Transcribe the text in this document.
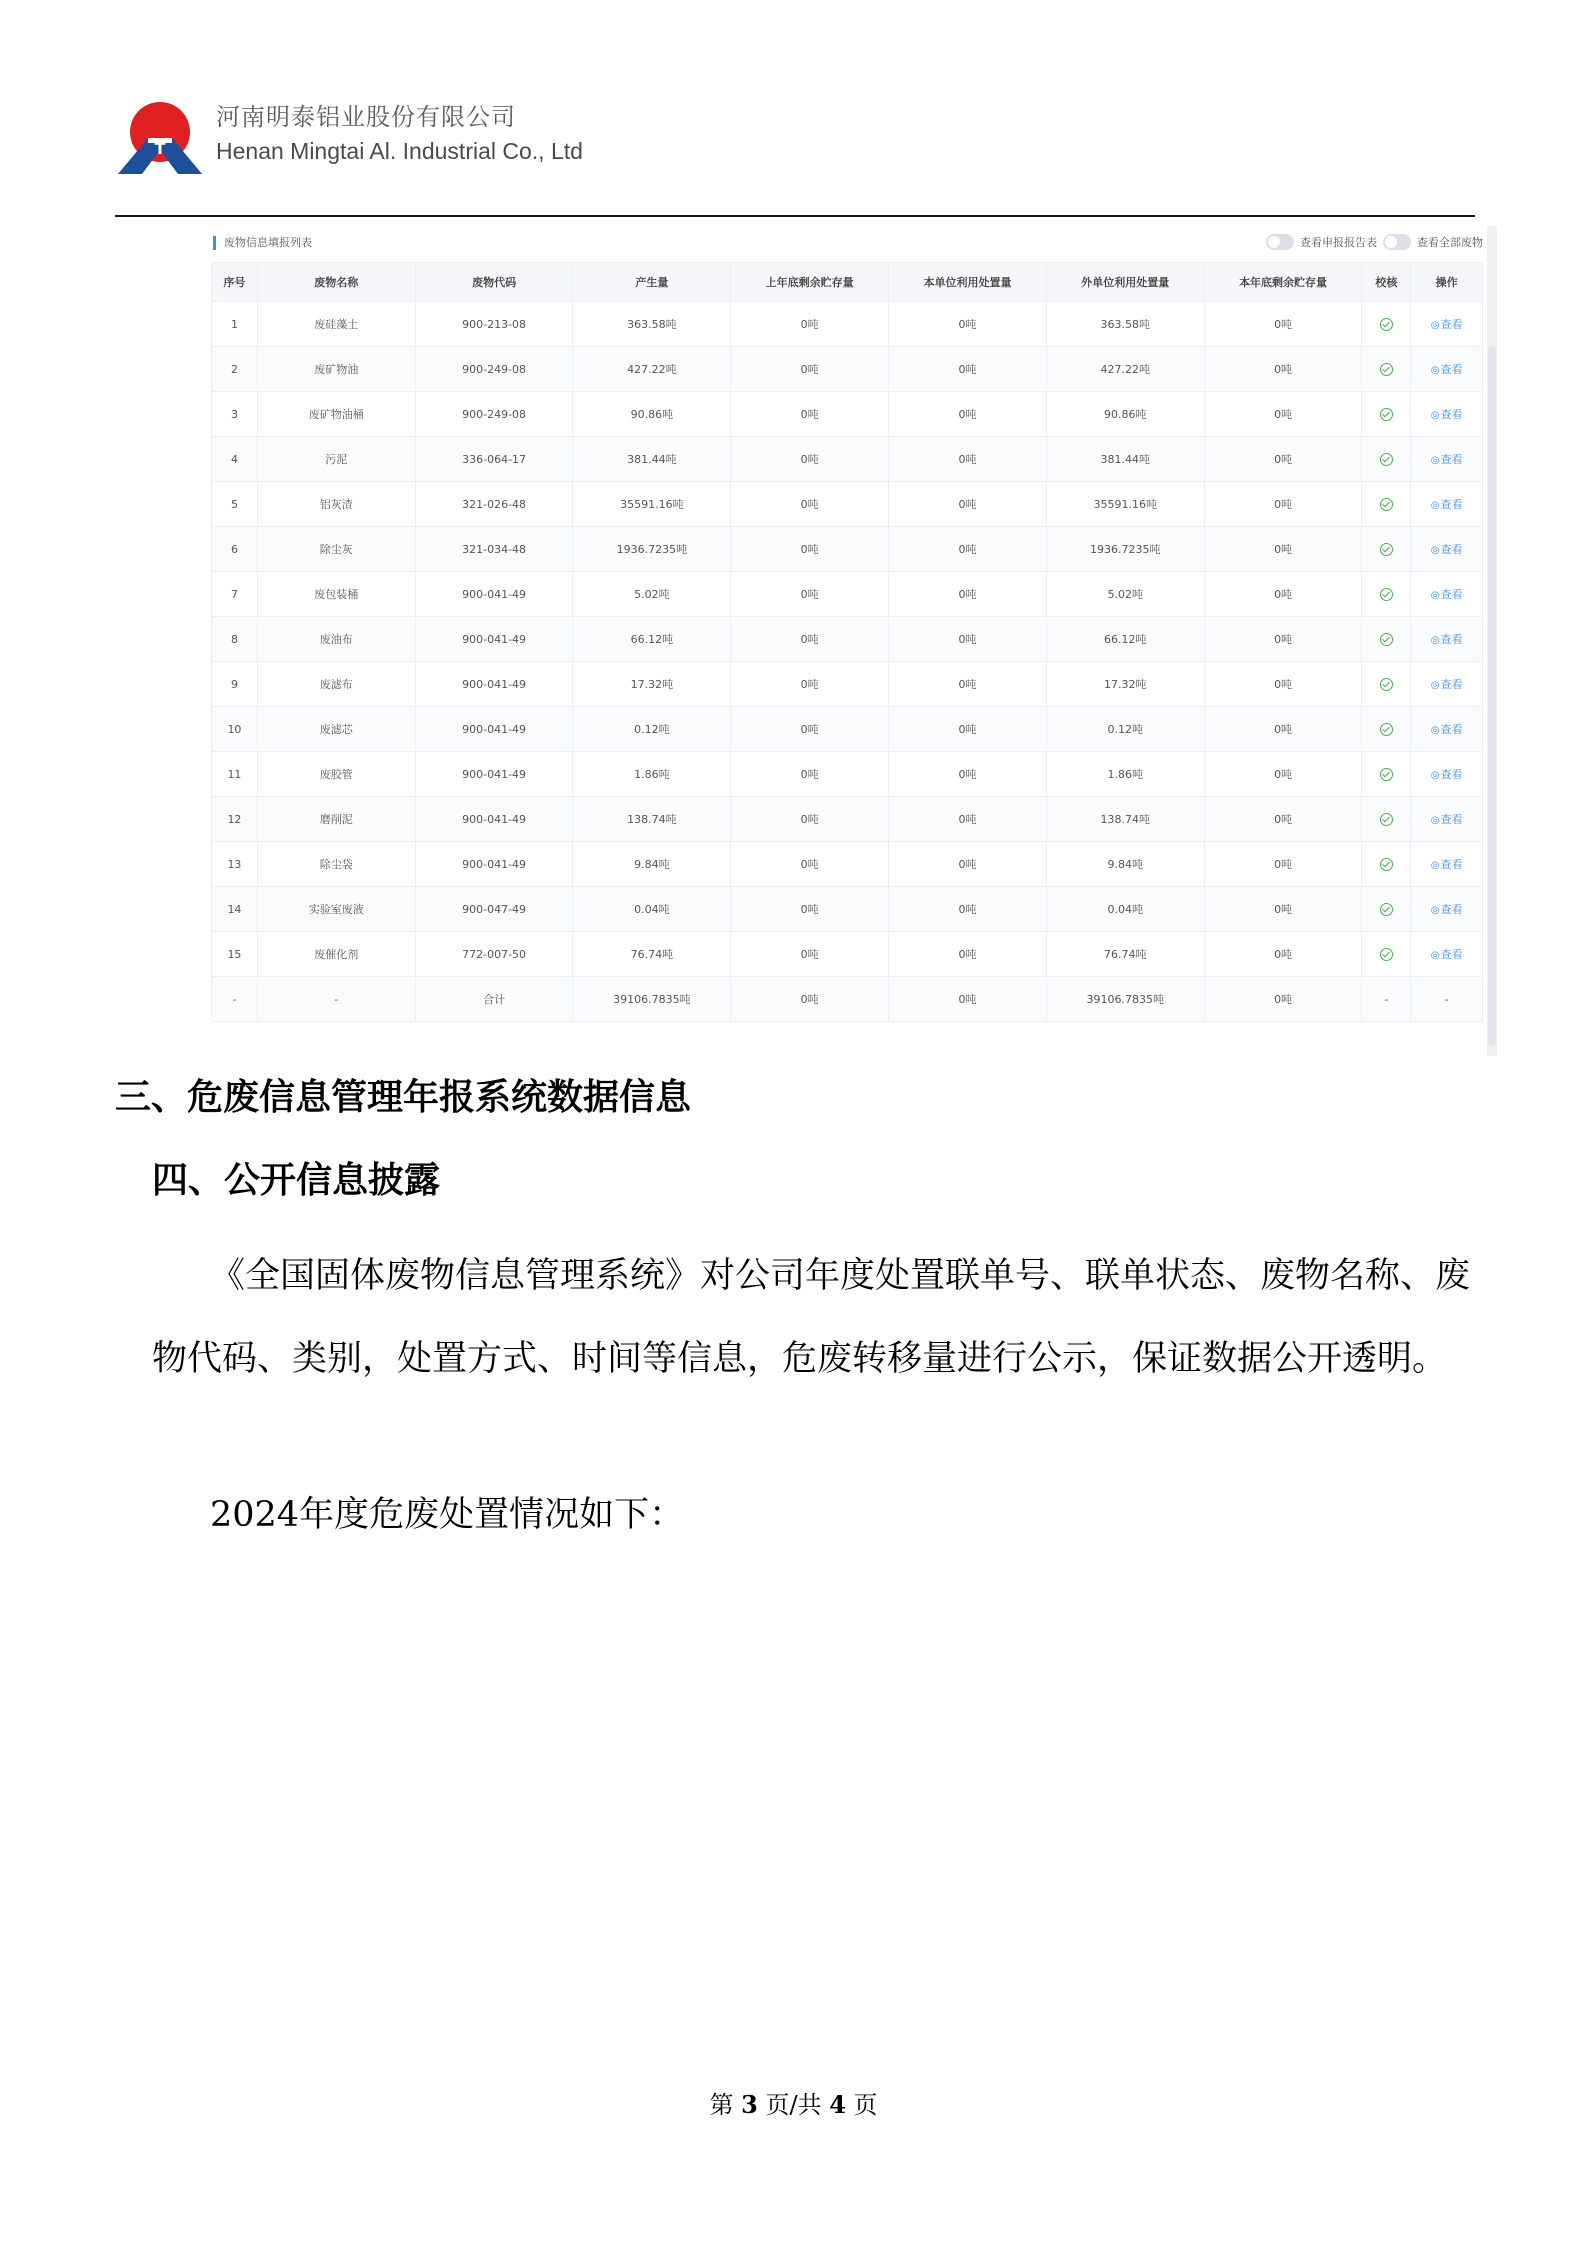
T
河南明泰铝业股份有限公司
Henan Mingtai Al. Industrial Co., Ltd
废物信息填报列表	查看申报报告表	查看全部废物
序号	废物名称	废物代码	产生量	上年底剩余贮存量	本单位利用处置量	外单位利用处置量	本年底剩余贮存量	校核	操作
1	废硅藻土	900-213-08	363.58吨	0吨	0吨	363.58吨	0吨		◎查看
2	废矿物油	900-249-08	427.22吨	0吨	0吨	427.22吨	0吨		◎查看
3	废矿物油桶	900-249-08	90.86吨	0吨	0吨	90.86吨	0吨		◎查看
4	污泥	336-064-17	381.44吨	0吨	0吨	381.44吨	0吨		◎查看
5	铝灰渣	321-026-48	35591.16吨	0吨	0吨	35591.16吨	0吨		◎查看
6	除尘灰	321-034-48	1936.7235吨	0吨	0吨	1936.7235吨	0吨		◎查看
7	废包装桶	900-041-49	5.02吨	0吨	0吨	5.02吨	0吨		◎查看
8	废油布	900-041-49	66.12吨	0吨	0吨	66.12吨	0吨		◎查看
9	废滤布	900-041-49	17.32吨	0吨	0吨	17.32吨	0吨		◎查看
10	废滤芯	900-041-49	0.12吨	0吨	0吨	0.12吨	0吨		◎查看
11	废胶管	900-041-49	1.86吨	0吨	0吨	1.86吨	0吨		◎查看
12	磨削泥	900-041-49	138.74吨	0吨	0吨	138.74吨	0吨		◎查看
13	除尘袋	900-041-49	9.84吨	0吨	0吨	9.84吨	0吨		◎查看
14	实验室废液	900-047-49	0.04吨	0吨	0吨	0.04吨	0吨		◎查看
15	废催化剂	772-007-50	76.74吨	0吨	0吨	76.74吨	0吨		◎查看
-	-	合计	39106.7835吨	0吨	0吨	39106.7835吨	0吨	-	-
三、危废信息管理年报系统数据信息
四、公开信息披露
《全国固体废物信息管理系统》对公司年度处置联单号、联单状态、废物名称、废物代码、类别，处置方式、时间等信息，危废转移量进行公示，保证数据公开透明。
2024年度危废处置情况如下：
第 3 页/共 4 页
